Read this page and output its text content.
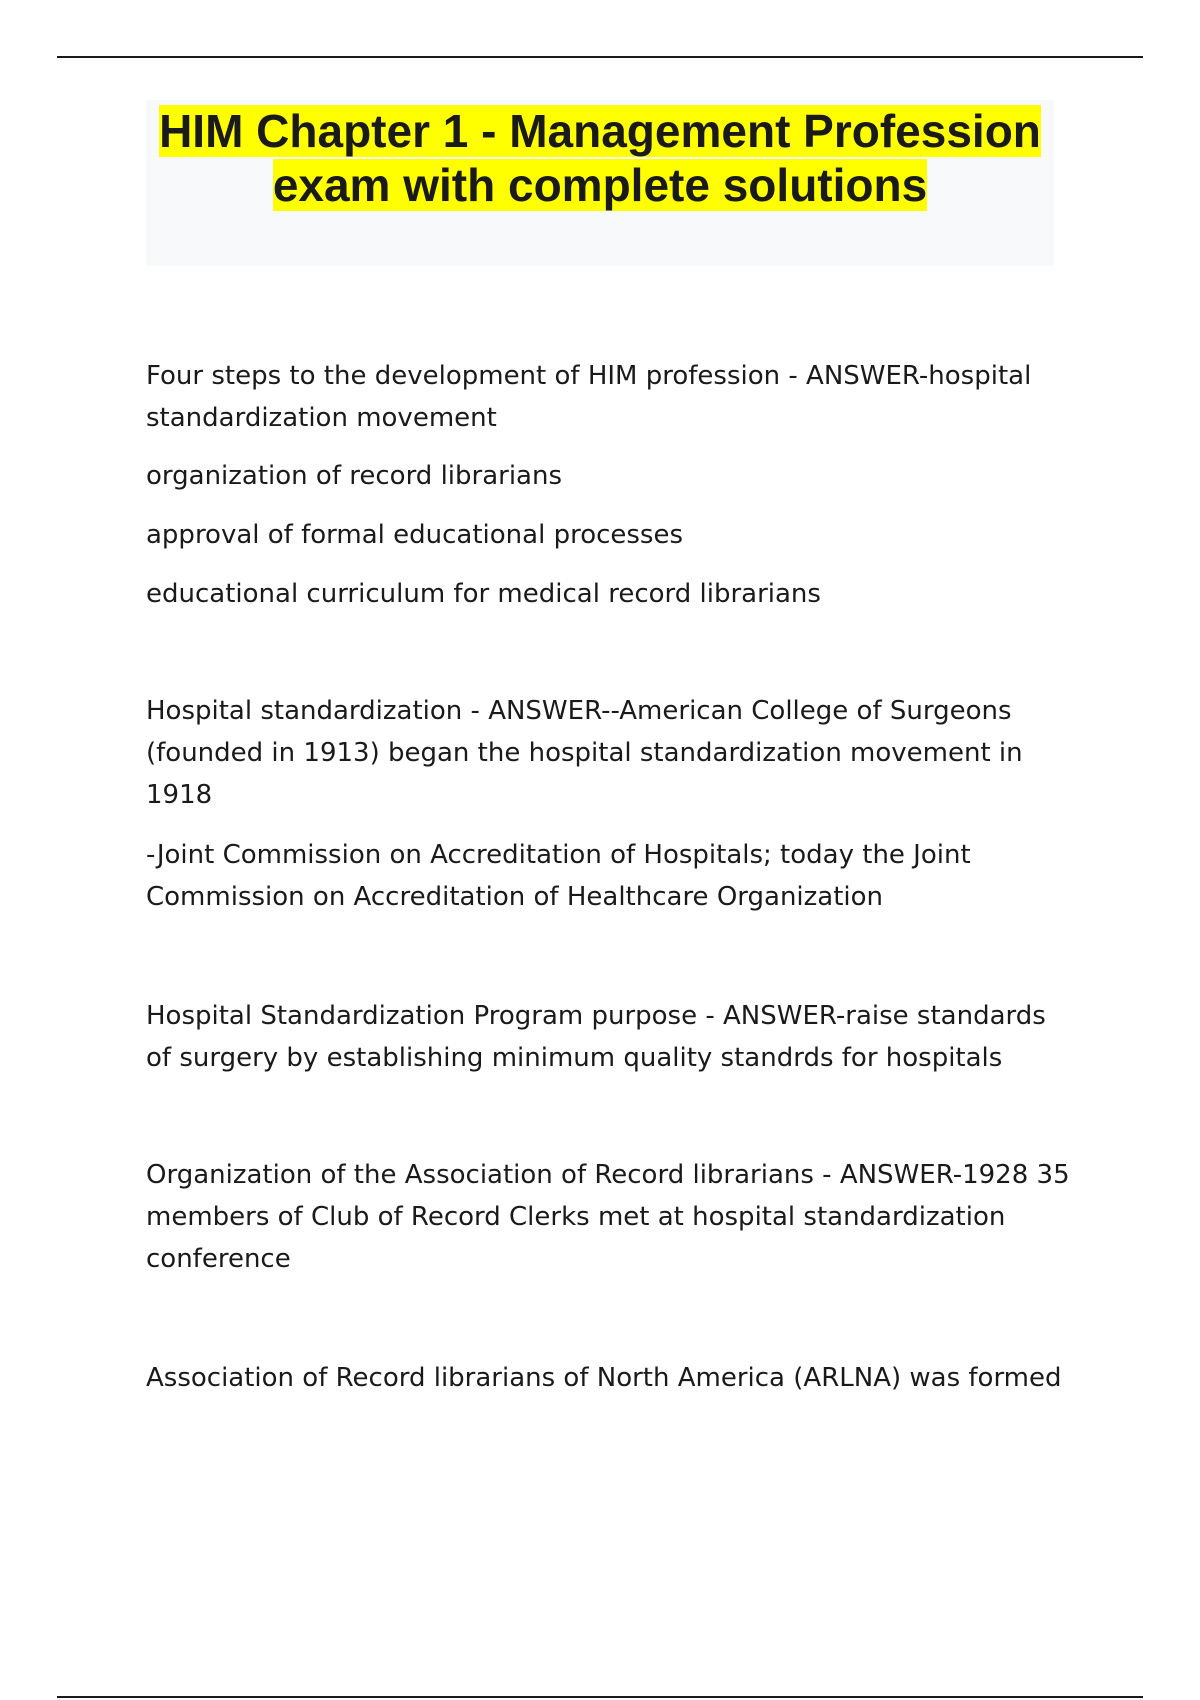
HIM Chapter 1 - Management Profession exam with complete solutions

Four steps to the development of HIM profession - ANSWER-hospital standardization movement

organization of record librarians

approval of formal educational processes

educational curriculum for medical record librarians

Hospital standardization - ANSWER--American College of Surgeons (founded in 1913) began the hospital standardization movement in 1918

-Joint Commission on Accreditation of Hospitals; today the Joint Commission on Accreditation of Healthcare Organization

Hospital Standardization Program purpose - ANSWER-raise standards of surgery by establishing minimum quality standrds for hospitals

Organization of the Association of Record librarians - ANSWER-1928 35 members of Club of Record Clerks met at hospital standardization conference

Association of Record librarians of North America (ARLNA) was formed
